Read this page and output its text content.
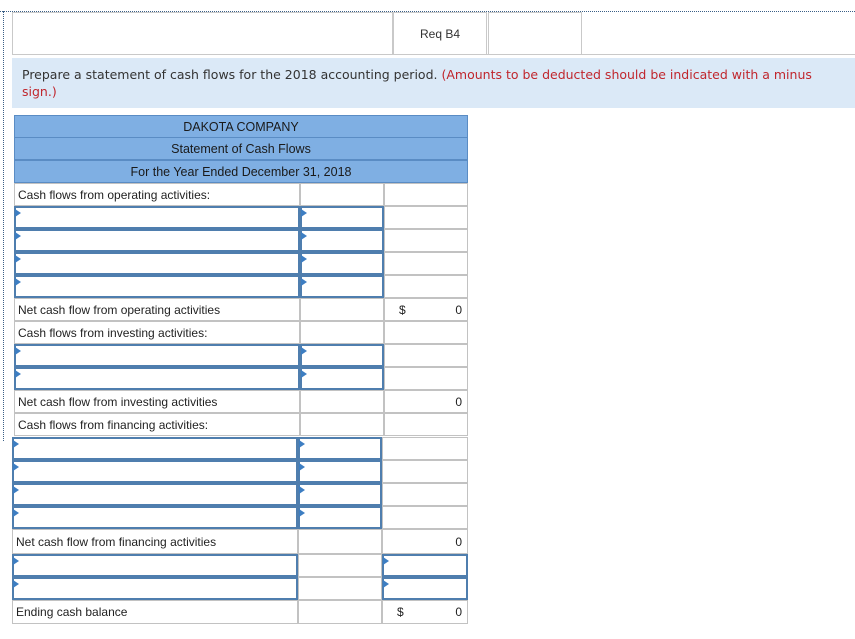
Req B4
Prepare a statement of cash flows for the 2018 accounting period. (Amounts to be deducted should be indicated with a minus sign.)
DAKOTA COMPANY
Statement of Cash Flows
For the Year Ended December 31, 2018
Cash flows from operating activities:
Net cash flow from operating activities	$	0
Cash flows from investing activities:
Net cash flow from investing activities	0
Cash flows from financing activities:
Net cash flow from financing activities	0
Ending cash balance	$	0
